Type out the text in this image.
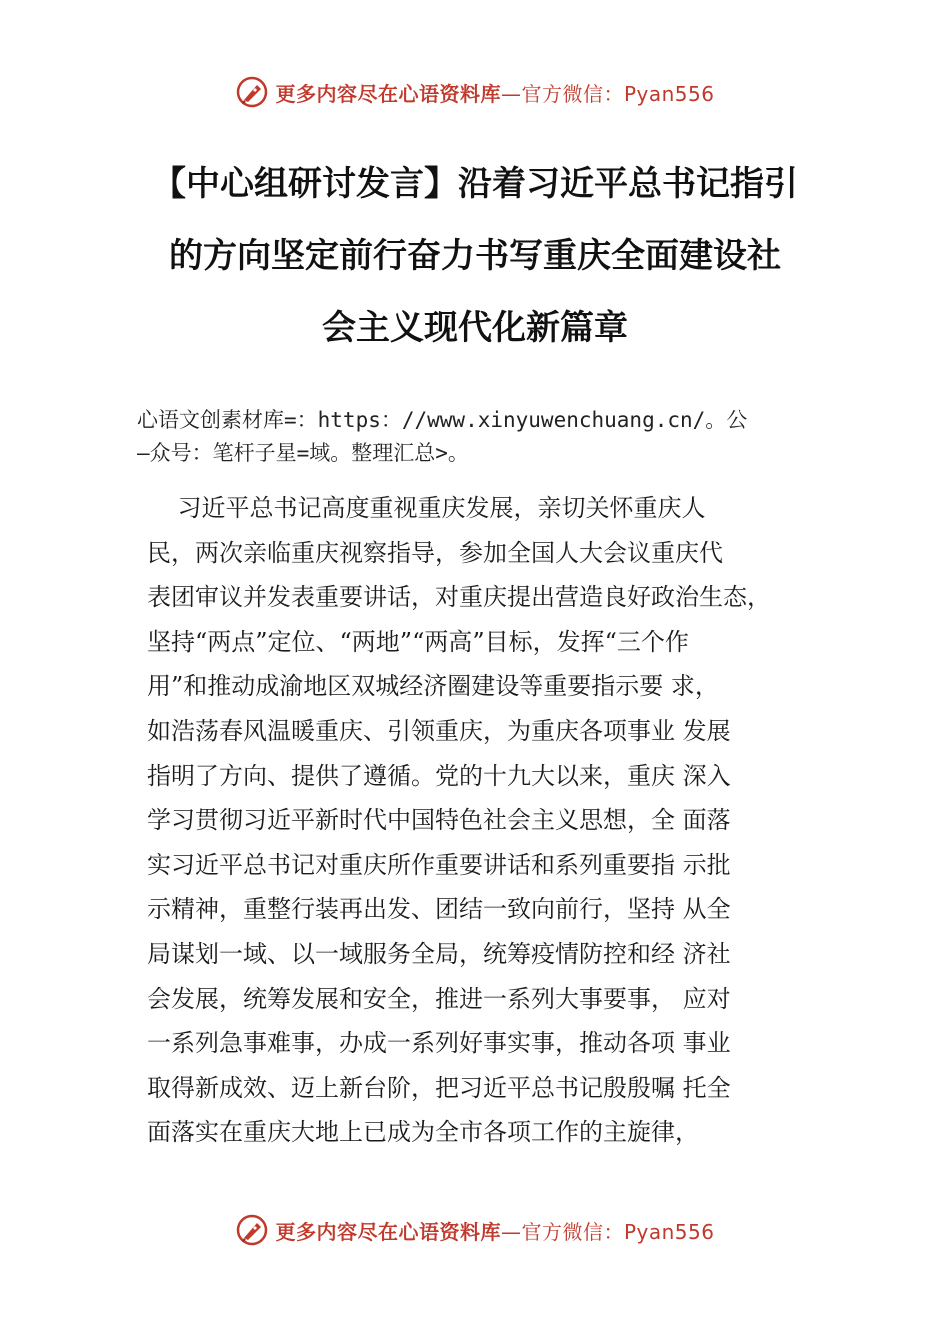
更多内容尽在心语资料库—官方微信：Pyan556
【中心组研讨发言】沿着习近平总书记指引
的方向坚定前行奋力书写重庆全面建设社
会主义现代化新篇章
心语文创素材库=：https：//www.xinyuwenchuang.cn/。公
—众号：笔杆子星=域。整理汇总>。
习近平总书记高度重视重庆发展，亲切关怀重庆人
民，两次亲临重庆视察指导，参加全国人大会议重庆代
表团审议并发表重要讲话，对重庆提出营造良好政治生态，
坚持“两点”定位、“两地”“两高”目标，发挥“三个作
用”和推动成渝地区双城经济圈建设等重要指示要 求，
如浩荡春风温暖重庆、引领重庆，为重庆各项事业 发展
指明了方向、提供了遵循。党的十九大以来，重庆 深入
学习贯彻习近平新时代中国特色社会主义思想，全 面落
实习近平总书记对重庆所作重要讲话和系列重要指 示批
示精神，重整行装再出发、团结一致向前行，坚持 从全
局谋划一域、以一域服务全局，统筹疫情防控和经 济社
会发展，统筹发展和安全，推进一系列大事要事， 应对
一系列急事难事，办成一系列好事实事，推动各项 事业
取得新成效、迈上新台阶，把习近平总书记殷殷嘱 托全
面落实在重庆大地上已成为全市各项工作的主旋律，
更多内容尽在心语资料库—官方微信：Pyan556
